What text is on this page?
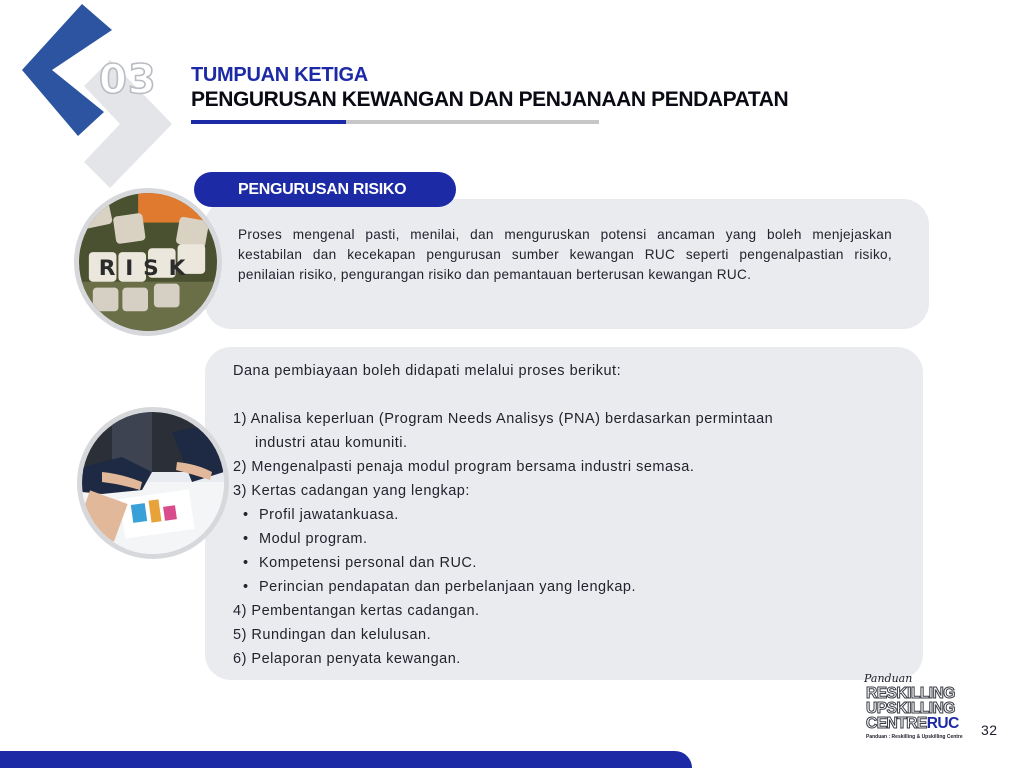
03 TUMPUAN KETIGA
PENGURUSAN KEWANGAN DAN PENJANAAN PENDAPATAN
Proses mengenal pasti, menilai, dan menguruskan potensi ancaman yang boleh menjejaskan kestabilan dan kecekapan pengurusan sumber kewangan RUC seperti pengenalpastian risiko, penilaian risiko, pengurangan risiko dan pemantauan berterusan kewangan RUC.
PENGURUSAN RISIKO
RISK
Dana pembiayaan boleh didapati melalui proses berikut:
1) Analisa keperluan (Program Needs Analisys (PNA) berdasarkan permintaan
industri atau komuniti.
2) Mengenalpasti penaja modul program bersama industri semasa.
3) Kertas cadangan yang lengkap:
• Profil jawatankuasa.
• Modul program.
• Kompetensi personal dan RUC.
• Perincian pendapatan dan perbelanjaan yang lengkap.
4) Pembentangan kertas cadangan.
5) Rundingan dan kelulusan.
6) Pelaporan penyata kewangan.
Panduan
RESKILLING
UPSKILLING
CENTRERUC
Panduan : Reskilling & Upskilling Centre 32
